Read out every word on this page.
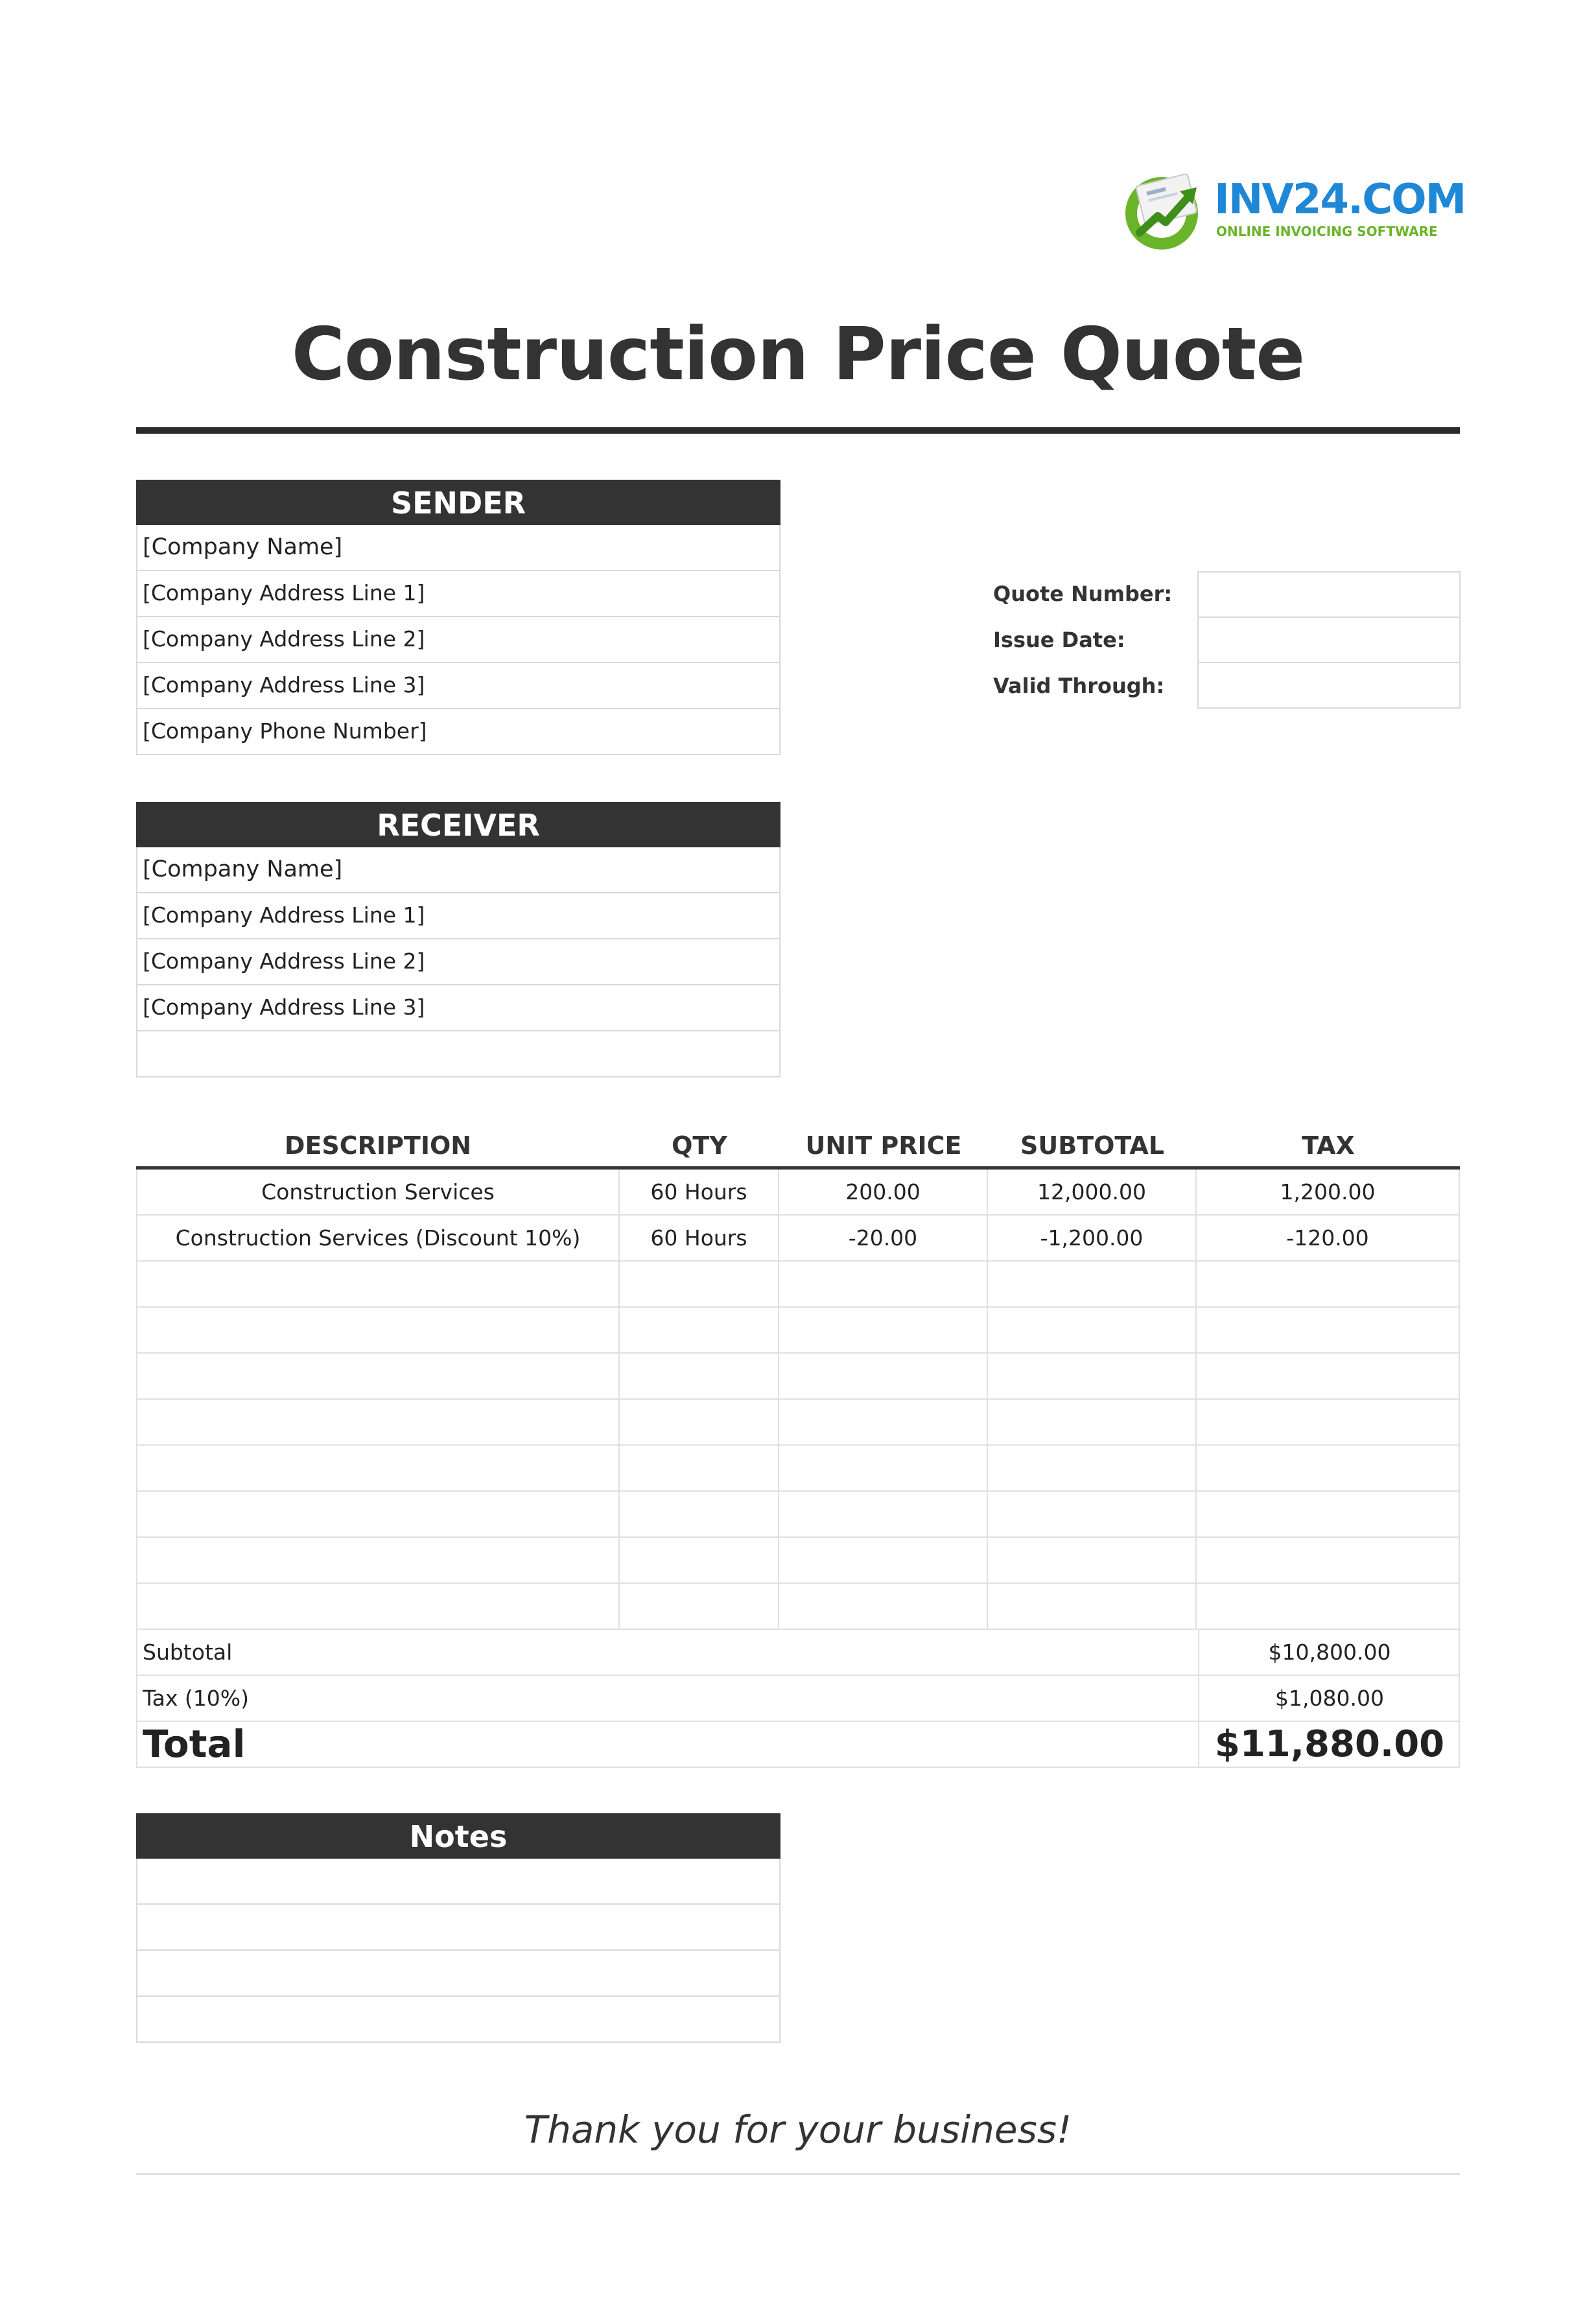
INV24.COM
ONLINE INVOICING SOFTWARE
Construction Price Quote
SENDER
[Company Name]
[Company Address Line 1]
[Company Address Line 2]
[Company Address Line 3]
[Company Phone Number]
Quote Number:
Issue Date:
Valid Through:
RECEIVER
[Company Name]
[Company Address Line 1]
[Company Address Line 2]
[Company Address Line 3]
DESCRIPTION	QTY	UNIT PRICE	SUBTOTAL	TAX
Construction Services	60 Hours	200.00	12,000.00	1,200.00
Construction Services (Discount 10%)	60 Hours	-20.00	-1,200.00	-120.00
Subtotal	$10,800.00
Tax (10%)	$1,080.00
Total	$11,880.00
Notes
Thank you for your business!
